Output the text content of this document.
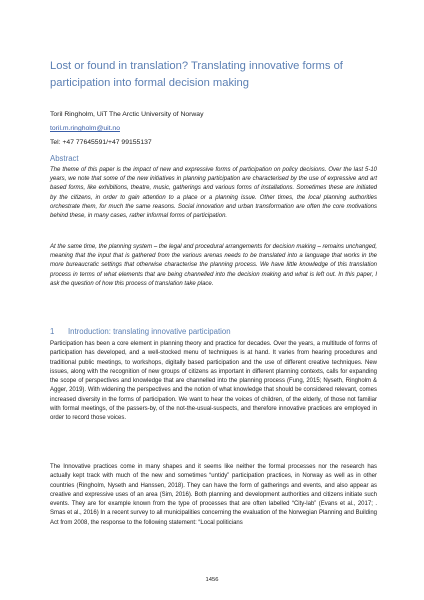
Lost or found in translation? Translating innovative forms of participation into formal decision making
Toril Ringholm, UiT The Arctic University of Norway
toril.m.ringholm@uit.no
Tel: +47 77645591/+47 99155137
Abstract
The theme of this paper is the impact of new and expressive forms of participation on policy decisions. Over the last 5-10 years, we note that some of the new initiatives in planning participation are characterised by the use of expressive and art based forms, like exhibitions, theatre, music, gatherings and various forms of installations. Sometimes these are initiated by the citizens, in order to gain attention to a place or a planning issue. Other times, the local planning authorities orchestrate them, for much the same reasons. Social innovation and urban transformation are often the core motivations behind these, in many cases, rather informal forms of participation.
At the same time, the planning system – the legal and procedural arrangements for decision making – remains unchanged, meaning that the input that is gathered from the various arenas needs to be translated into a language that works in the more bureaucratic settings that otherwise characterise the planning process. We have little knowledge of this translation process in terms of what elements that are being channelled into the decision making and what is left out. In this paper, I ask the question of how this process of translation take place.
1 Introduction: translating innovative participation
Participation has been a core element in planning theory and practice for decades. Over the years, a multitude of forms of participation has developed, and a well-stocked menu of techniques is at hand. It varies from hearing procedures and traditional public meetings, to workshops, digitally based participation and the use of different creative techniques. New issues, along with the recognition of new groups of citizens as important in different planning contexts, calls for expanding the scope of perspectives and knowledge that are channelled into the planning process (Fung, 2015; Nyseth, Ringholm & Agger, 2019). With widening the perspectives and the notion of what knowledge that should be considered relevant, comes increased diversity in the forms of participation. We want to hear the voices of children, of the elderly, of those not familiar with formal meetings, of the passers-by, of the not-the-usual-suspects, and therefore innovative practices are employed in order to record those voices.
The Innovative practices come in many shapes and it seems like neither the formal processes nor the research has actually kept track with much of the new and sometimes “untidy” participation practices, in Norway as well as in other countries (Ringholm, Nyseth and Hanssen, 2018). They can have the form of gatherings and events, and also appear as creative and expressive uses of an area (Sim, 2016). Both planning and development authorities and citizens initiate such events. They are for example known from the type of processes that are often labelled “City-lab” (Evans et al., 2017; . Smas et al., 2016) In a recent survey to all municipalities concerning the evaluation of the Norwegian Planning and Building Act from 2008, the response to the following statement: “Local politicians
1456
